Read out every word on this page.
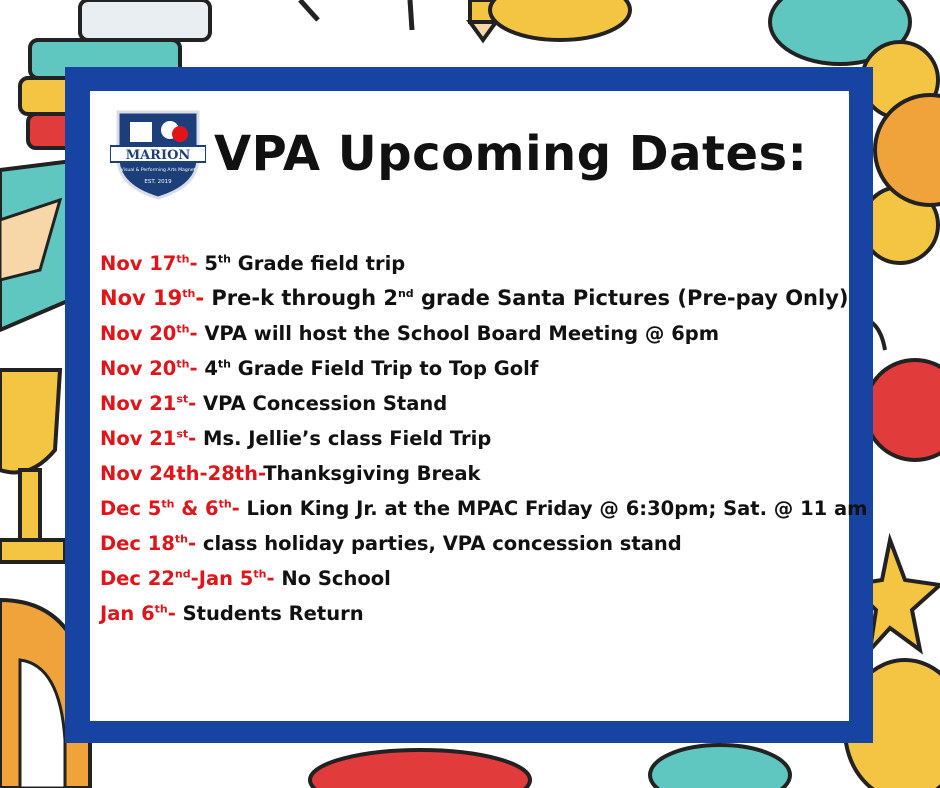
MARION
Visual & Performing Arts Magnet
EST. 2019 VPA Upcoming Dates:
Nov 17th- 5th Grade field trip
Nov 19th- Pre-k through 2nd grade Santa Pictures (Pre-pay Only)
Nov 20th- VPA will host the School Board Meeting @ 6pm
Nov 20th- 4th Grade Field Trip to Top Golf
Nov 21st- VPA Concession Stand
Nov 21st- Ms. Jellie’s class Field Trip
Nov 24th-28th-Thanksgiving Break
Dec 5th & 6th- Lion King Jr. at the MPAC Friday @ 6:30pm; Sat. @ 11 am
Dec 18th- class holiday parties, VPA concession stand
Dec 22nd-Jan 5th- No School
Jan 6th- Students Return
